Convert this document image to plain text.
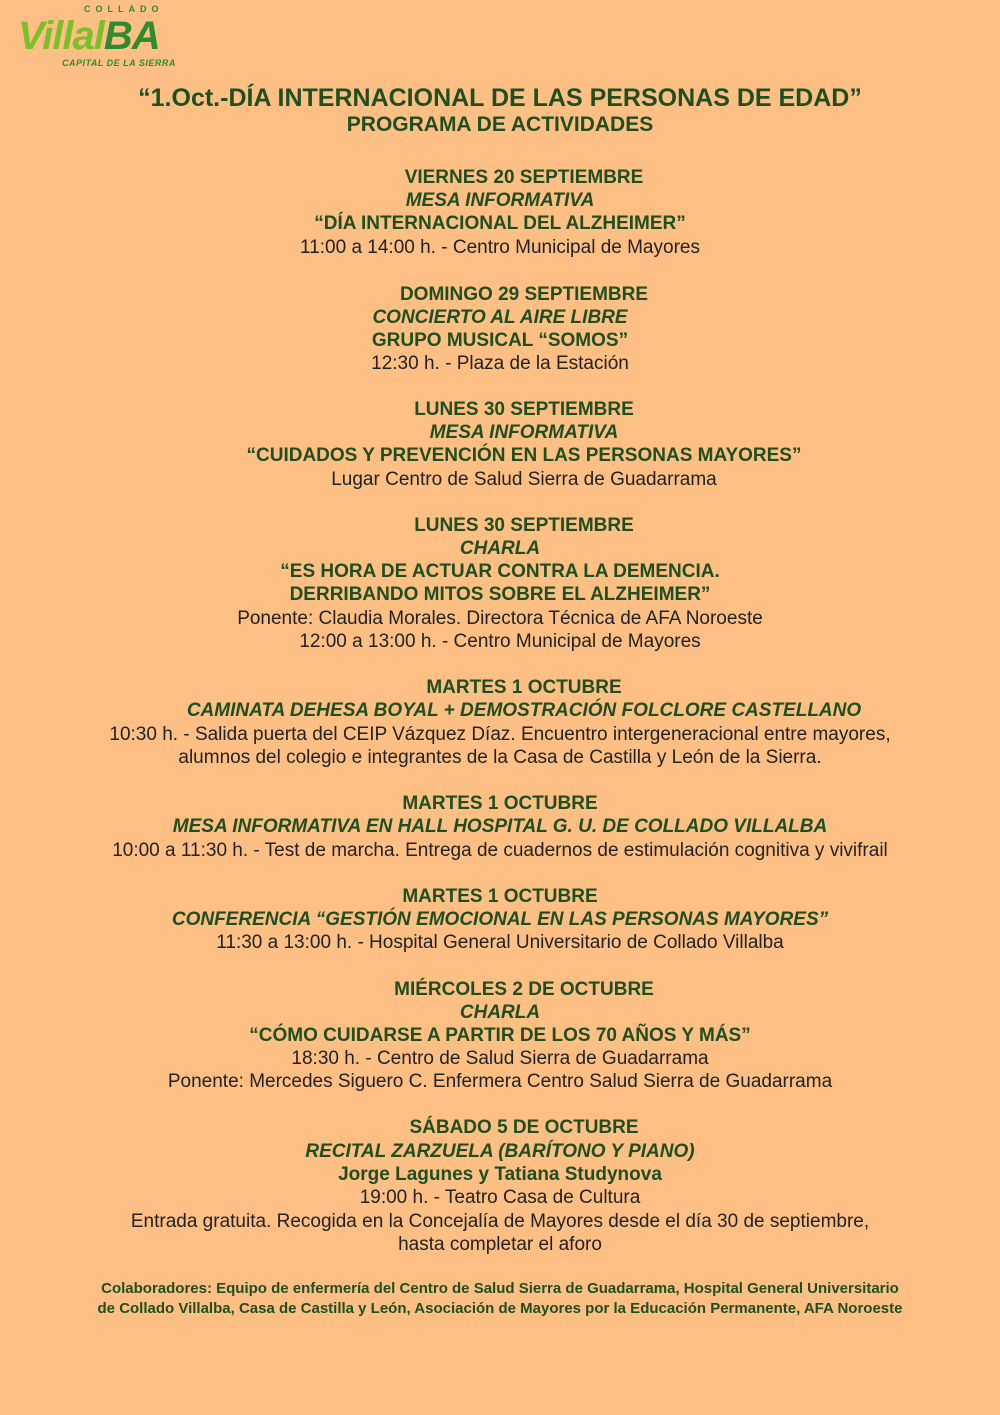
COLLADO
VillalBA
CAPITAL DE LA SIERRA
“1.Oct.-DÍA INTERNACIONAL DE LAS PERSONAS DE EDAD”
PROGRAMA DE ACTIVIDADES
VIERNES 20 SEPTIEMBRE
MESA INFORMATIVA
“DÍA INTERNACIONAL DEL ALZHEIMER”
11:00 a 14:00 h. - Centro Municipal de Mayores
DOMINGO 29 SEPTIEMBRE
CONCIERTO AL AIRE LIBRE
GRUPO MUSICAL “SOMOS”
12:30 h. - Plaza de la Estación
LUNES 30 SEPTIEMBRE
MESA INFORMATIVA
“CUIDADOS Y PREVENCIÓN EN LAS PERSONAS MAYORES”
Lugar Centro de Salud Sierra de Guadarrama
LUNES 30 SEPTIEMBRE
CHARLA
“ES HORA DE ACTUAR CONTRA LA DEMENCIA.
DERRIBANDO MITOS SOBRE EL ALZHEIMER”
Ponente: Claudia Morales. Directora Técnica de AFA Noroeste
12:00 a 13:00 h. - Centro Municipal de Mayores
MARTES 1 OCTUBRE
CAMINATA DEHESA BOYAL + DEMOSTRACIÓN FOLCLORE CASTELLANO
10:30 h. - Salida puerta del CEIP Vázquez Díaz. Encuentro intergeneracional entre mayores,
alumnos del colegio e integrantes de la Casa de Castilla y León de la Sierra.
MARTES 1 OCTUBRE
MESA INFORMATIVA EN HALL HOSPITAL G. U. DE COLLADO VILLALBA
10:00 a 11:30 h. - Test de marcha. Entrega de cuadernos de estimulación cognitiva y vivifrail
MARTES 1 OCTUBRE
CONFERENCIA “GESTIÓN EMOCIONAL EN LAS PERSONAS MAYORES”
11:30 a 13:00 h. - Hospital General Universitario de Collado Villalba
MIÉRCOLES 2 DE OCTUBRE
CHARLA
“CÓMO CUIDARSE A PARTIR DE LOS 70 AÑOS Y MÁS”
18:30 h. - Centro de Salud Sierra de Guadarrama
Ponente: Mercedes Siguero C. Enfermera Centro Salud Sierra de Guadarrama
SÁBADO 5 DE OCTUBRE
RECITAL ZARZUELA (BARÍTONO Y PIANO)
Jorge Lagunes y Tatiana Studynova
19:00 h. - Teatro Casa de Cultura
Entrada gratuita. Recogida en la Concejalía de Mayores desde el día 30 de septiembre,
hasta completar el aforo
Colaboradores: Equipo de enfermería del Centro de Salud Sierra de Guadarrama, Hospital General Universitario
de Collado Villalba, Casa de Castilla y León, Asociación de Mayores por la Educación Permanente, AFA Noroeste
